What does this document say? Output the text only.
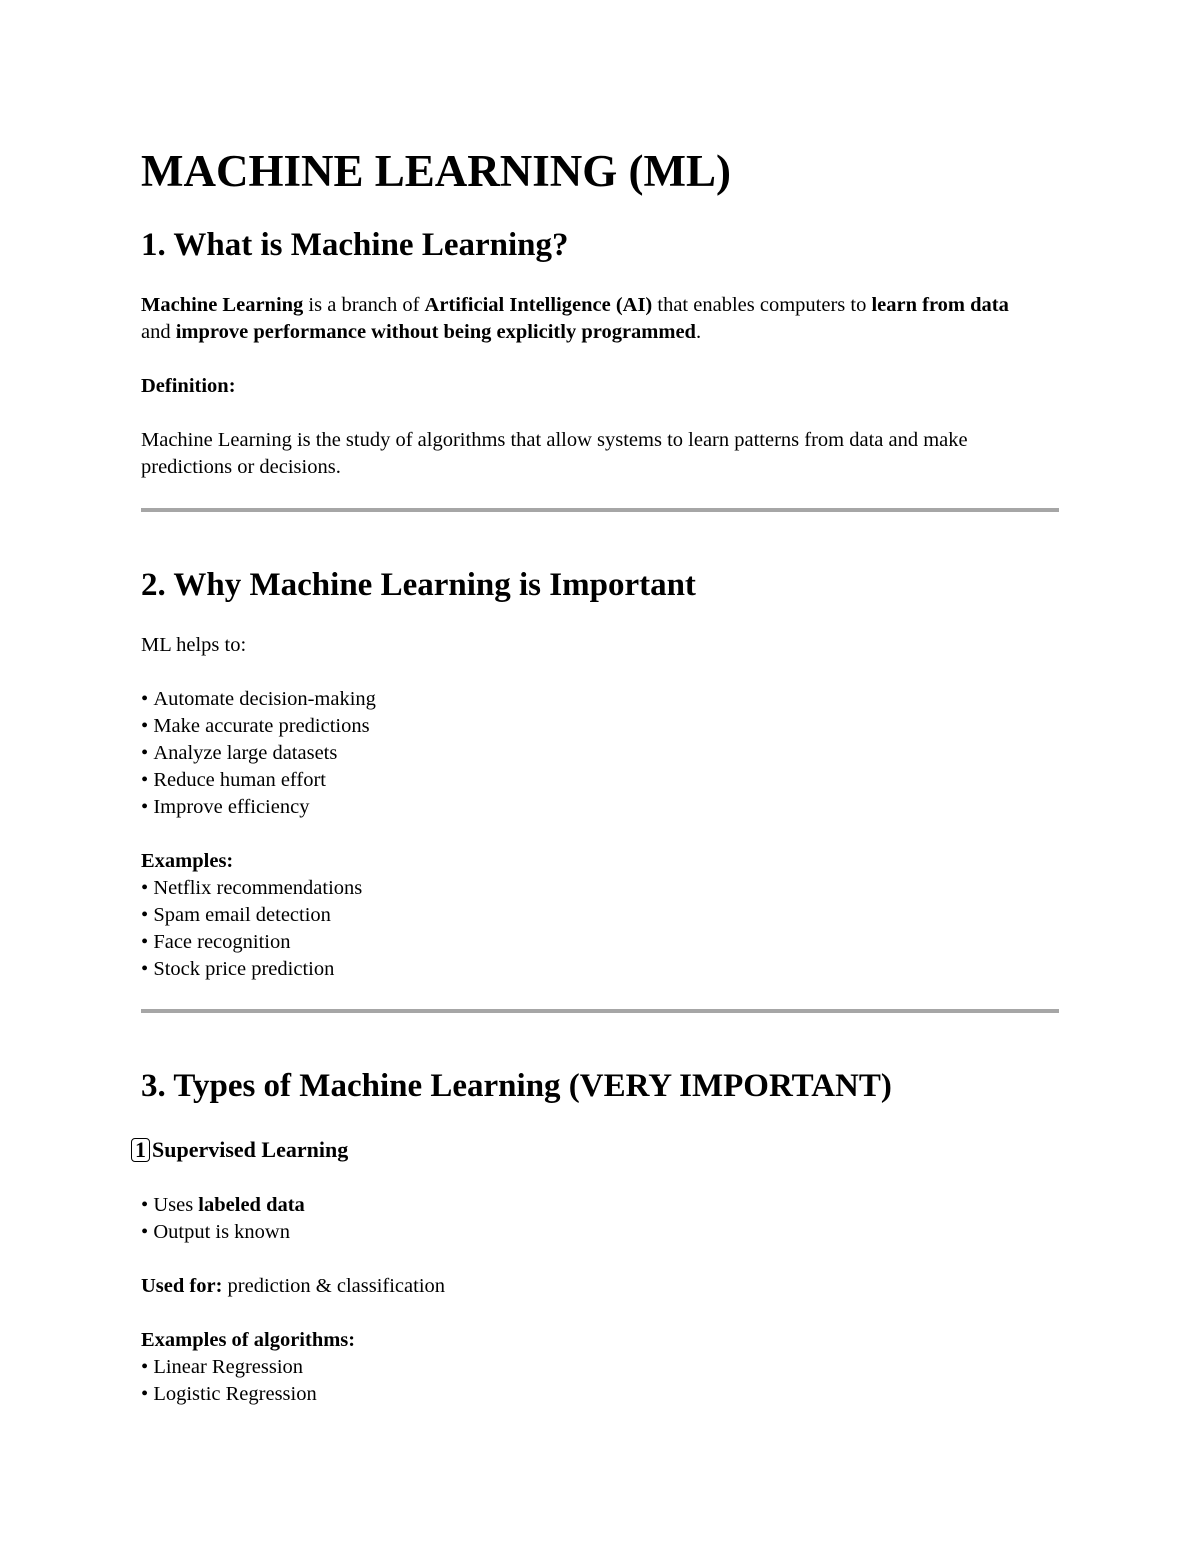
MACHINE LEARNING (ML)
1. What is Machine Learning?

Machine Learning is a branch of Artificial Intelligence (AI) that enables computers to learn from data and improve performance without being explicitly programmed.

Definition:

Machine Learning is the study of algorithms that allow systems to learn patterns from data and make predictions or decisions.

2. Why Machine Learning is Important

ML helps to:

• Automate decision-making
• Make accurate predictions
• Analyze large datasets
• Reduce human effort
• Improve efficiency

Examples:

• Netflix recommendations
• Spam email detection
• Face recognition
• Stock price prediction
3. Types of Machine Learning (VERY IMPORTANT)
1 Supervised Learning
• Uses labeled data
• Output is known

Used for: prediction & classification

Examples of algorithms:

• Linear Regression
• Logistic Regression
